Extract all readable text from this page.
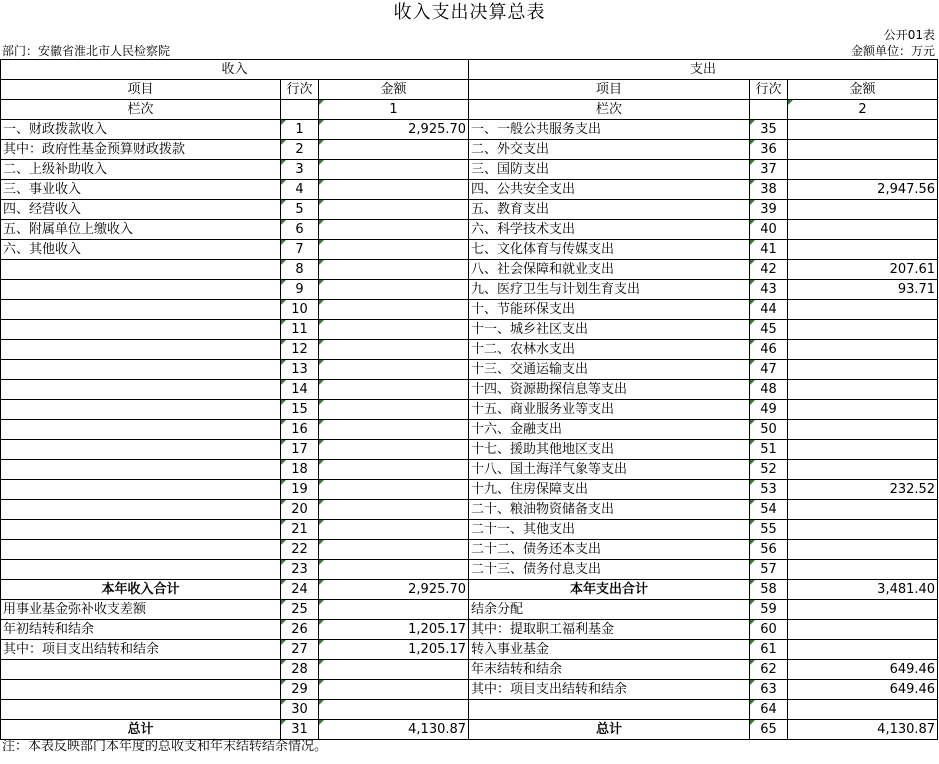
收入支出决算总表
公开01表
部门：安徽省淮北市人民检察院	金额单位：万元
收入			支出		
项目	行次	金额	项目	行次	金额
栏次		1	栏次		2
一、财政拨款收入	1	2,925.70	一、一般公共服务支出	35	
其中：政府性基金预算财政拨款	2		二、外交支出	36	
二、上级补助收入	3		三、国防支出	37	
三、事业收入	4		四、公共安全支出	38	2,947.56
四、经营收入	5		五、教育支出	39	
五、附属单位上缴收入	6		六、科学技术支出	40	
六、其他收入	7		七、文化体育与传媒支出	41	
	8		八、社会保障和就业支出	42	207.61
	9		九、医疗卫生与计划生育支出	43	93.71
	10		十、节能环保支出	44	
	11		十一、城乡社区支出	45	
	12		十二、农林水支出	46	
	13		十三、交通运输支出	47	
	14		十四、资源勘探信息等支出	48	
	15		十五、商业服务业等支出	49	
	16		十六、金融支出	50	
	17		十七、援助其他地区支出	51	
	18		十八、国土海洋气象等支出	52	
	19		十九、住房保障支出	53	232.52
	20		二十、粮油物资储备支出	54	
	21		二十一、其他支出	55	
	22		二十二、债务还本支出	56	
	23		二十三、债务付息支出	57	
本年收入合计	24	2,925.70	本年支出合计	58	3,481.40
用事业基金弥补收支差额	25		结余分配	59	
年初结转和结余	26	1,205.17	其中：提取职工福利基金	60	
其中：项目支出结转和结余	27	1,205.17	转入事业基金	61	
	28		年末结转和结余	62	649.46
	29		其中：项目支出结转和结余	63	649.46
	30			64	
总计	31	4,130.87	总计	65	4,130.87
注：本表反映部门本年度的总收支和年末结转结余情况。
